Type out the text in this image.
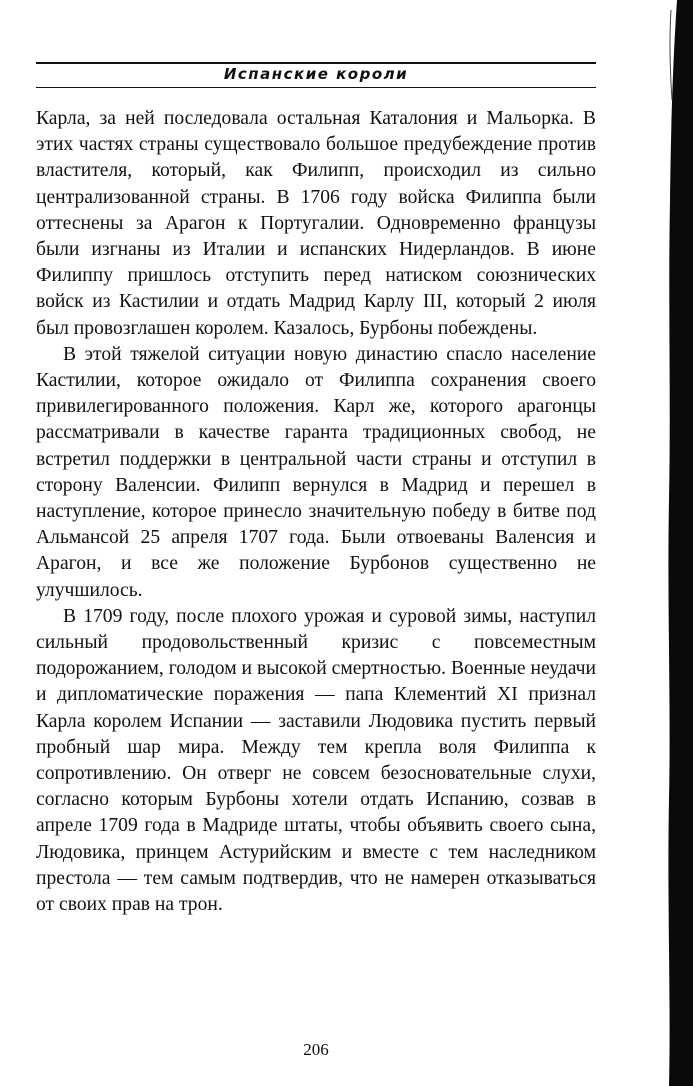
Испанские короли

Карла, за ней последовала остальная Каталония и Мальорка. В этих частях страны существовало большое предубеждение против властителя, который, как Филипп, происходил из сильно централизованной страны. В 1706 году войска Филиппа были оттеснены за Арагон к Португалии. Одновременно французы были изгнаны из Италии и испанских Нидерландов. В июне Филиппу пришлось отступить перед натиском союзнических войск из Кастилии и отдать Мадрид Карлу III, который 2 июля был провозглашен королем. Казалось, Бурбоны побеждены.

В этой тяжелой ситуации новую династию спасло население Кастилии, которое ожидало от Филиппа сохранения своего привилегированного положения. Карл же, которого арагонцы рассматривали в качестве гаранта традиционных свобод, не встретил поддержки в центральной части страны и отступил в сторону Валенсии. Филипп вернулся в Мадрид и перешел в наступление, которое принесло значительную победу в битве под Альмансой 25 апреля 1707 года. Были отвоеваны Валенсия и Арагон, и все же положение Бурбонов существенно не улучшилось.

В 1709 году, после плохого урожая и суровой зимы, наступил сильный продовольственный кризис с повсеместным подорожанием, голодом и высокой смертностью. Военные неудачи и дипломатические поражения — папа Клементий XI признал Карла королем Испании — заставили Людовика пустить первый пробный шар мира. Между тем крепла воля Филиппа к сопротивлению. Он отверг не совсем безосновательные слухи, согласно которым Бурбоны хотели отдать Испанию, созвав в апреле 1709 года в Мадриде штаты, чтобы объявить своего сына, Людовика, принцем Астурийским и вместе с тем наследником престола — тем самым подтвердив, что не намерен отказываться от своих прав на трон.

206
